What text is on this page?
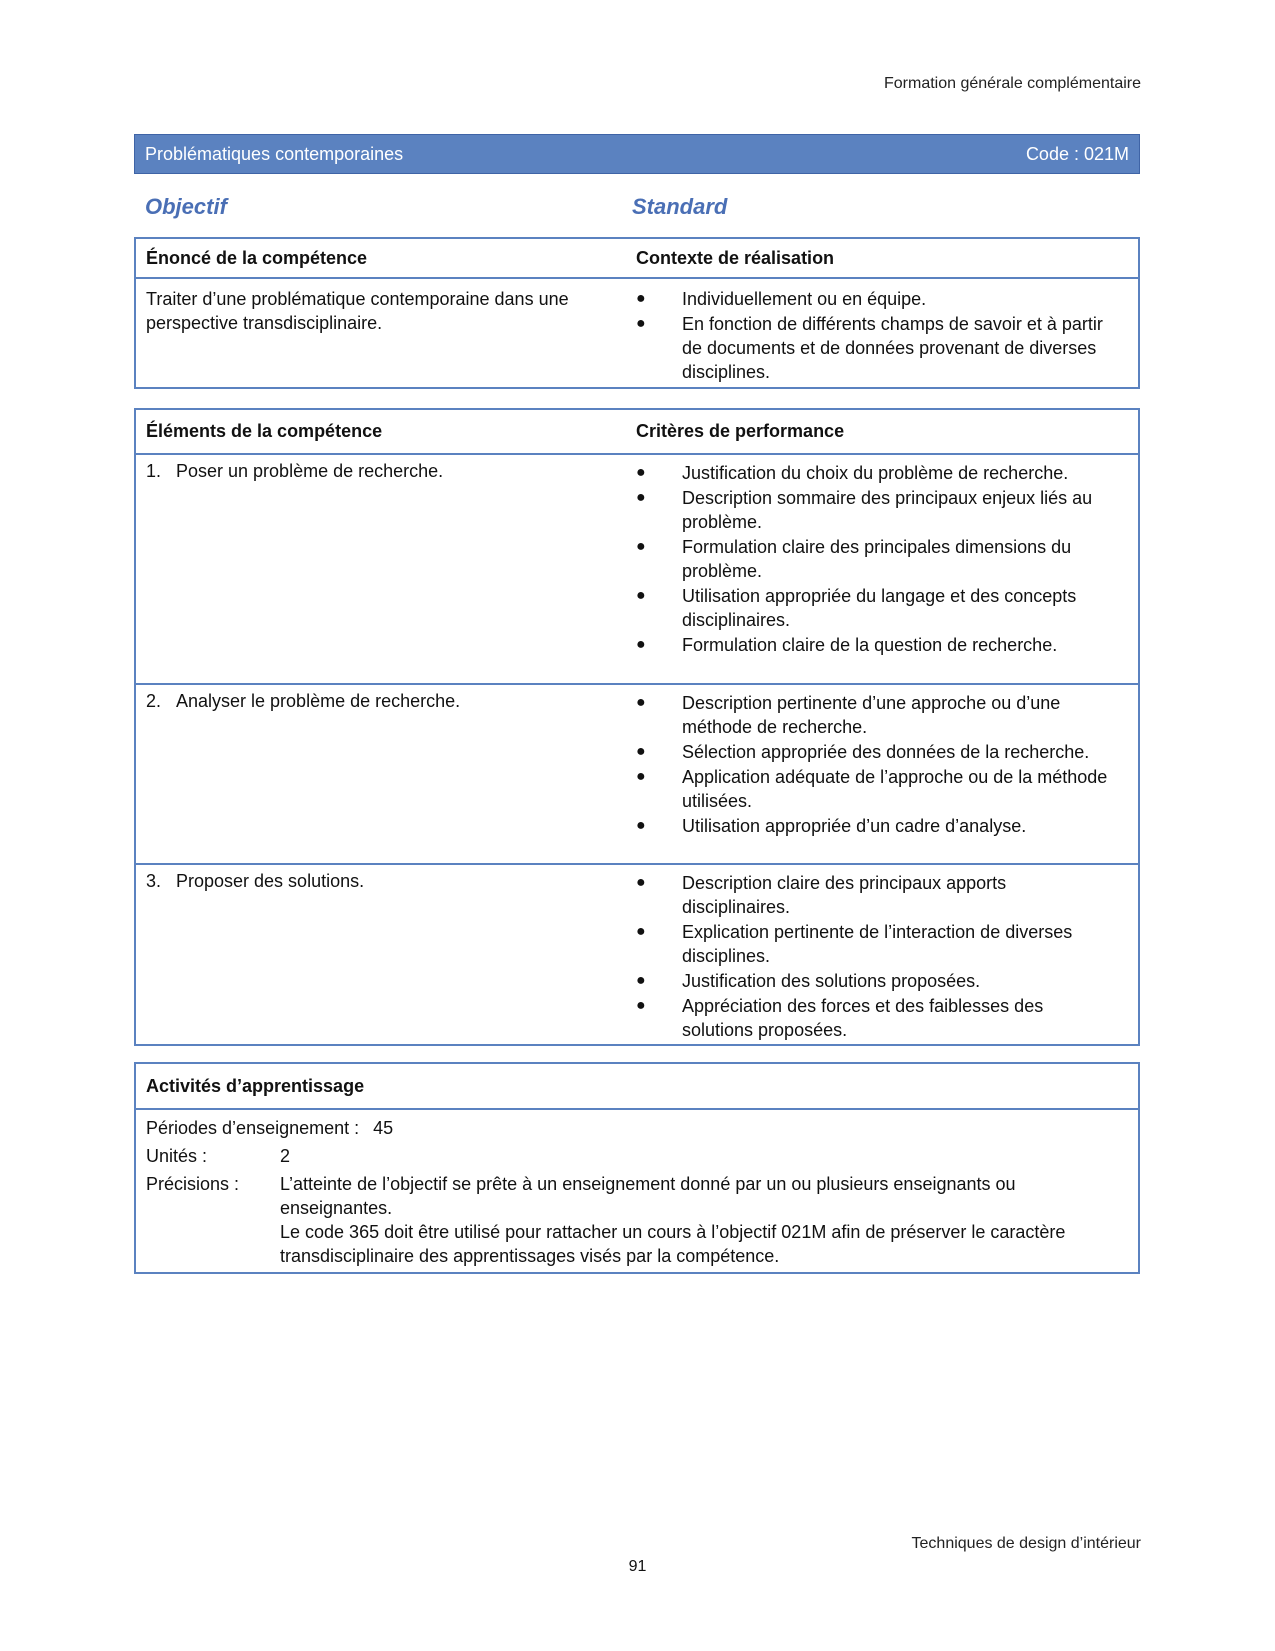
Formation générale complémentaire
Problématiques contemporaines	Code : 021M
Objectif	Standard
Énoncé de la compétence	Contexte de réalisation
Traiter d’une problématique contemporaine dans une perspective transdisciplinaire.
●	Individuellement ou en équipe.
●	En fonction de différents champs de savoir et à partir de documents et de données provenant de diverses disciplines.
Éléments de la compétence	Critères de performance
1. Poser un problème de recherche.	●	Justification du choix du problème de recherche.
●	Description sommaire des principaux enjeux liés au problème.
●	Formulation claire des principales dimensions du problème.
●	Utilisation appropriée du langage et des concepts disciplinaires.
●	Formulation claire de la question de recherche.
2. Analyser le problème de recherche.	●	Description pertinente d’une approche ou d’une méthode de recherche.
●	Sélection appropriée des données de la recherche.
●	Application adéquate de l’approche ou de la méthode utilisées.
●	Utilisation appropriée d’un cadre d’analyse.
3. Proposer des solutions.	●	Description claire des principaux apports disciplinaires.
●	Explication pertinente de l’interaction de diverses disciplines.
●	Justification des solutions proposées.
●	Appréciation des forces et des faiblesses des solutions proposées.
Activités d’apprentissage
Périodes d’enseignement : 45
Unités :	2
Précisions :	L’atteinte de l’objectif se prête à un enseignement donné par un ou plusieurs enseignants ou enseignantes.
Le code 365 doit être utilisé pour rattacher un cours à l’objectif 021M afin de préserver le caractère transdisciplinaire des apprentissages visés par la compétence.
Techniques de design d’intérieur
91
